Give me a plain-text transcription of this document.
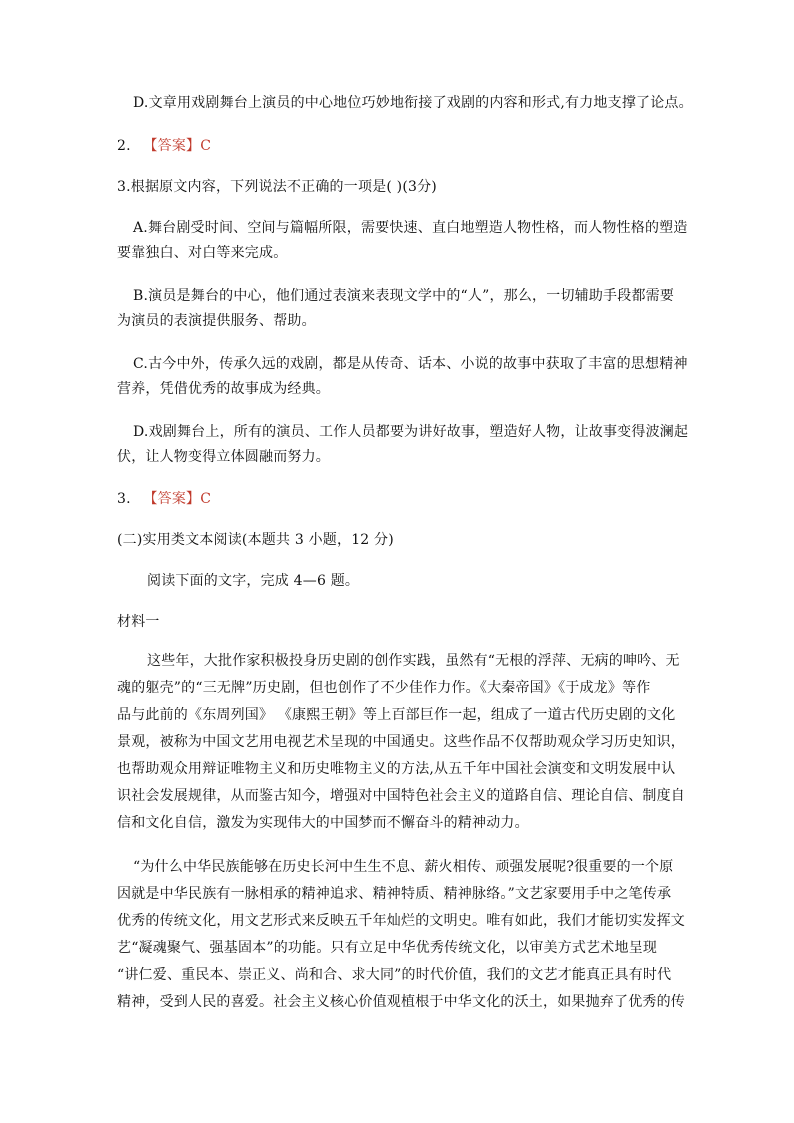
D.文章用戏剧舞台上演员的中心地位巧妙地衔接了戏剧的内容和形式,有力地支撑了论点。
2. 【答案】C
3.根据原文内容，下列说法不正确的一项是( )(3分)
A.舞台剧受时间、空间与篇幅所限，需要快速、直白地塑造人物性格，而人物性格的塑造
要靠独白、对白等来完成。
B.演员是舞台的中心，他们通过表演来表现文学中的“人”，那么，一切辅助手段都需要
为演员的表演提供服务、帮助。
C.古今中外，传承久远的戏剧，都是从传奇、话本、小说的故事中获取了丰富的思想精神
营养，凭借优秀的故事成为经典。
D.戏剧舞台上，所有的演员、工作人员都要为讲好故事，塑造好人物，让故事变得波澜起
伏，让人物变得立体圆融而努力。
3. 【答案】C
(二)实用类文本阅读(本题共 3 小题，12 分)
阅读下面的文字，完成 4—6 题。
材料一
这些年，大批作家积极投身历史剧的创作实践，虽然有“无根的浮萍、无病的呻吟、无
魂的躯壳”的“三无牌”历史剧，但也创作了不少佳作力作。《大秦帝国》《于成龙》等作
品与此前的《东周列国》 《康熙王朝》等上百部巨作一起，组成了一道古代历史剧的文化
景观，被称为中国文艺用电视艺术呈现的中国通史。这些作品不仅帮助观众学习历史知识，
也帮助观众用辩证唯物主义和历史唯物主义的方法,从五千年中国社会演变和文明发展中认
识社会发展规律，从而鉴古知今，增强对中国特色社会主义的道路自信、理论自信、制度自
信和文化自信，激发为实现伟大的中国梦而不懈奋斗的精神动力。
“为什么中华民族能够在历史长河中生生不息、薪火相传、顽强发展呢?很重要的一个原
因就是中华民族有一脉相承的精神追求、精神特质、精神脉络。”文艺家要用手中之笔传承
优秀的传统文化，用文艺形式来反映五千年灿烂的文明史。唯有如此，我们才能切实发挥文
艺“凝魂聚气、强基固本”的功能。只有立足中华优秀传统文化，以审美方式艺术地呈现
“讲仁爱、重民本、崇正义、尚和合、求大同”的时代价值，我们的文艺才能真正具有时代
精神，受到人民的喜爱。社会主义核心价值观植根于中华文化的沃土，如果抛弃了优秀的传
